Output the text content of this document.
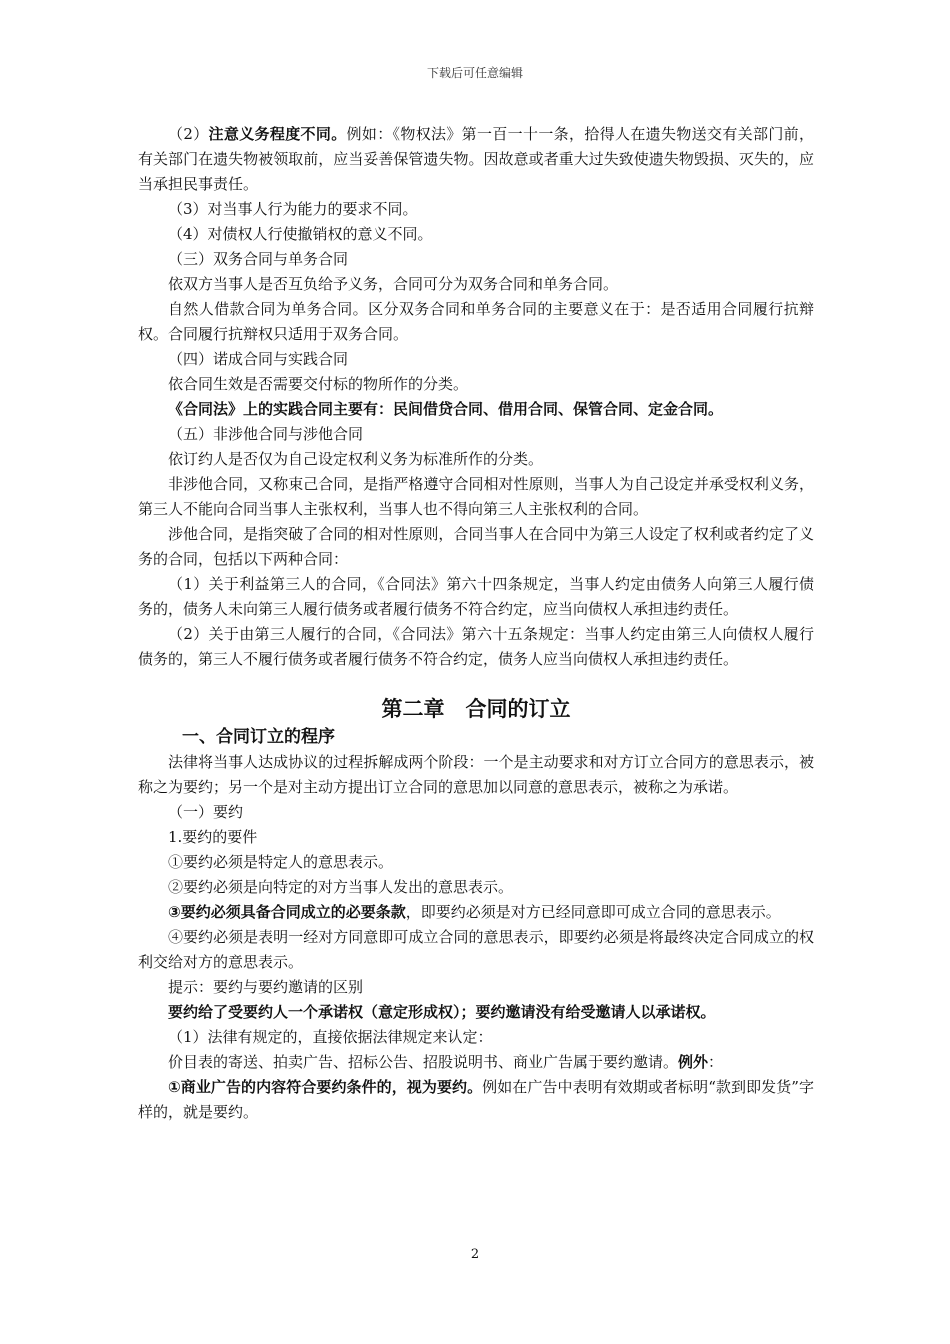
下载后可任意编辑

（2）注意义务程度不同。例如：《物权法》第一百一十一条，拾得人在遗失物送交有关部门前，有关部门在遗失物被领取前，应当妥善保管遗失物。因故意或者重大过失致使遗失物毁损、灭失的，应当承担民事责任。

（3）对当事人行为能力的要求不同。

（4）对债权人行使撤销权的意义不同。

（三）双务合同与单务合同

依双方当事人是否互负给予义务，合同可分为双务合同和单务合同。

自然人借款合同为单务合同。区分双务合同和单务合同的主要意义在于：是否适用合同履行抗辩权。合同履行抗辩权只适用于双务合同。

（四）诺成合同与实践合同

依合同生效是否需要交付标的物所作的分类。

《合同法》上的实践合同主要有：民间借贷合同、借用合同、保管合同、定金合同。

（五）非涉他合同与涉他合同

依订约人是否仅为自己设定权利义务为标准所作的分类。

非涉他合同，又称束己合同，是指严格遵守合同相对性原则，当事人为自己设定并承受权利义务，第三人不能向合同当事人主张权利，当事人也不得向第三人主张权利的合同。

涉他合同，是指突破了合同的相对性原则，合同当事人在合同中为第三人设定了权利或者约定了义务的合同，包括以下两种合同：

（1）关于利益第三人的合同，《合同法》第六十四条规定，当事人约定由债务人向第三人履行债务的，债务人未向第三人履行债务或者履行债务不符合约定，应当向债权人承担违约责任。

（2）关于由第三人履行的合同，《合同法》第六十五条规定：当事人约定由第三人向债权人履行债务的，第三人不履行债务或者履行债务不符合约定，债务人应当向债权人承担违约责任。

第二章　合同的订立
一、合同订立的程序

法律将当事人达成协议的过程拆解成两个阶段：一个是主动要求和对方订立合同方的意思表示，被称之为要约；另一个是对主动方提出订立合同的意思加以同意的意思表示，被称之为承诺。

（一）要约

1.要约的要件

①要约必须是特定人的意思表示。

②要约必须是向特定的对方当事人发出的意思表示。

③要约必须具备合同成立的必要条款，即要约必须是对方已经同意即可成立合同的意思表示。

④要约必须是表明一经对方同意即可成立合同的意思表示，即要约必须是将最终决定合同成立的权利交给对方的意思表示。

提示：要约与要约邀请的区别

要约给了受要约人一个承诺权（意定形成权）；要约邀请没有给受邀请人以承诺权。

（1）法律有规定的，直接依据法律规定来认定：

价目表的寄送、拍卖广告、招标公告、招股说明书、商业广告属于要约邀请。例外：

①商业广告的内容符合要约条件的，视为要约。例如在广告中表明有效期或者标明“款到即发货”字样的，就是要约。

2
